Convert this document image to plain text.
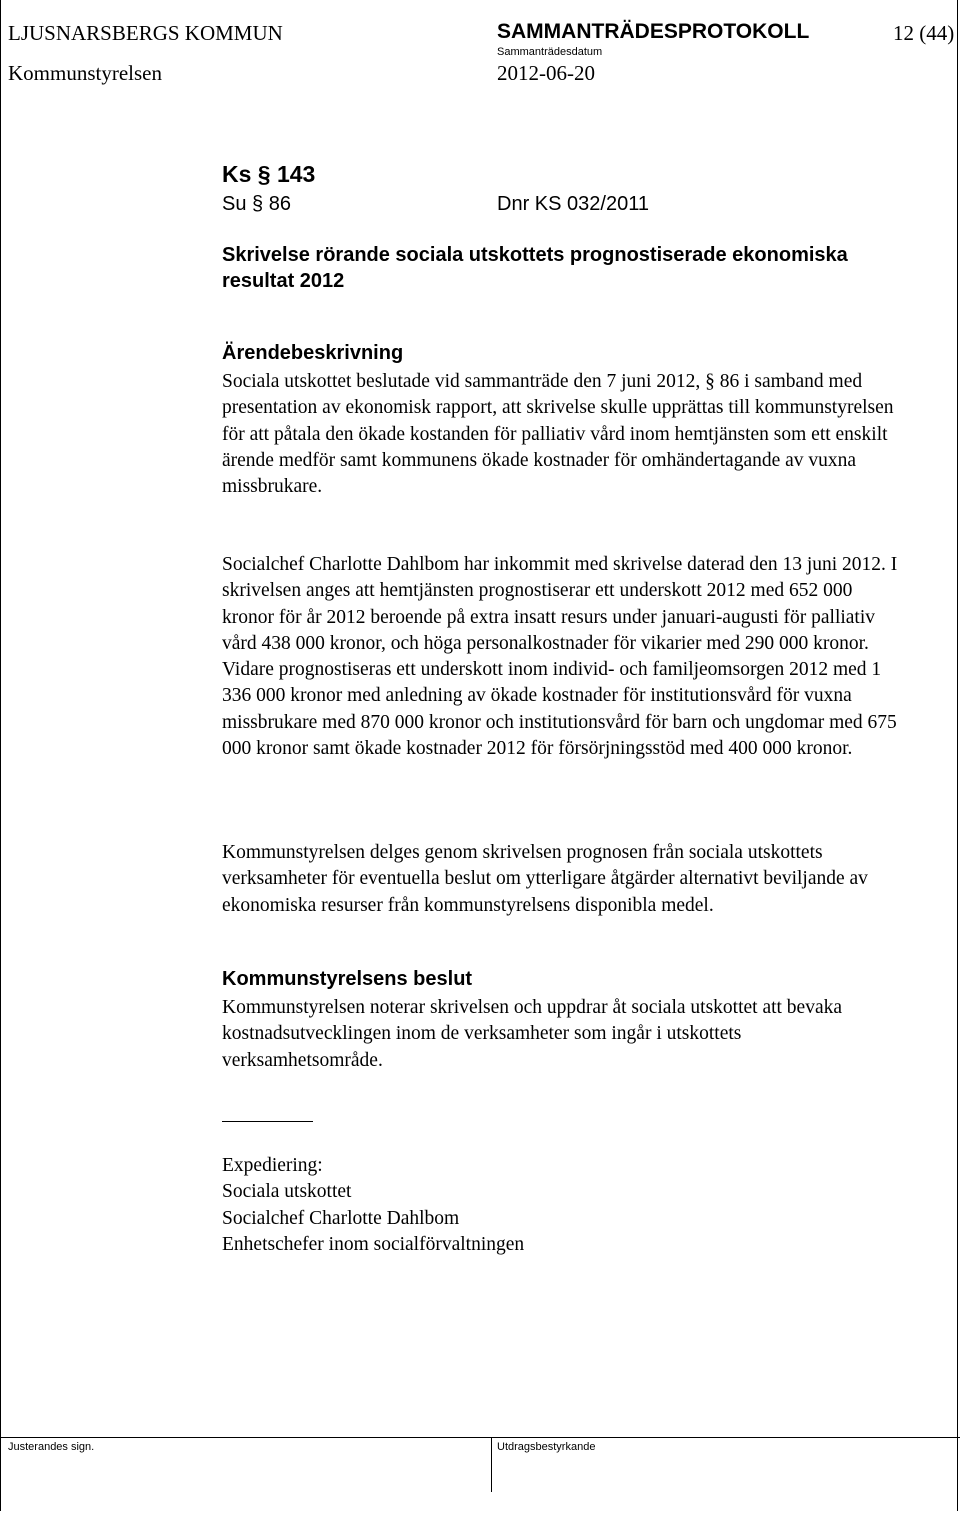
LJUSNARSBERGS KOMMUN	SAMMANTRÄDESPROTOKOLL	12 (44)
Sammanträdesdatum
Kommunstyrelsen	2012-06-20
Ks § 143
Su § 86	Dnr KS 032/2011
Skrivelse rörande sociala utskottets prognostiserade ekonomiska resultat 2012
Ärendebeskrivning
Sociala utskottet beslutade vid sammanträde den 7 juni 2012, § 86 i samband med presentation av ekonomisk rapport, att skrivelse skulle upprättas till kommunstyrelsen för att påtala den ökade kostanden för palliativ vård inom hemtjänsten som ett enskilt ärende medför samt kommunens ökade kostnader för omhändertagande av vuxna missbrukare.
Socialchef Charlotte Dahlbom har inkommit med skrivelse daterad den 13 juni 2012. I skrivelsen anges att hemtjänsten prognostiserar ett underskott 2012 med 652 000 kronor för år 2012 beroende på extra insatt resurs under januari-augusti för palliativ vård 438 000 kronor, och höga personalkostnader för vikarier med 290 000 kronor. Vidare prognostiseras ett underskott inom individ- och familjeomsorgen 2012 med 1 336 000 kronor med anledning av ökade kostnader för institutionsvård för vuxna missbrukare med 870 000 kronor och institutionsvård för barn och ungdomar med 675 000 kronor samt ökade kostnader 2012 för försörjningsstöd med 400 000 kronor.
Kommunstyrelsen delges genom skrivelsen prognosen från sociala utskottets verksamheter för eventuella beslut om ytterligare åtgärder alternativt beviljande av ekonomiska resurser från kommunstyrelsens disponibla medel.
Kommunstyrelsens beslut
Kommunstyrelsen noterar skrivelsen och uppdrar åt sociala utskottet att bevaka kostnadsutvecklingen inom de verksamheter som ingår i utskottets verksamhetsområde.
Expediering:
Sociala utskottet
Socialchef Charlotte Dahlbom
Enhetschefer inom socialförvaltningen
Justerandes sign.	Utdragsbestyrkande
